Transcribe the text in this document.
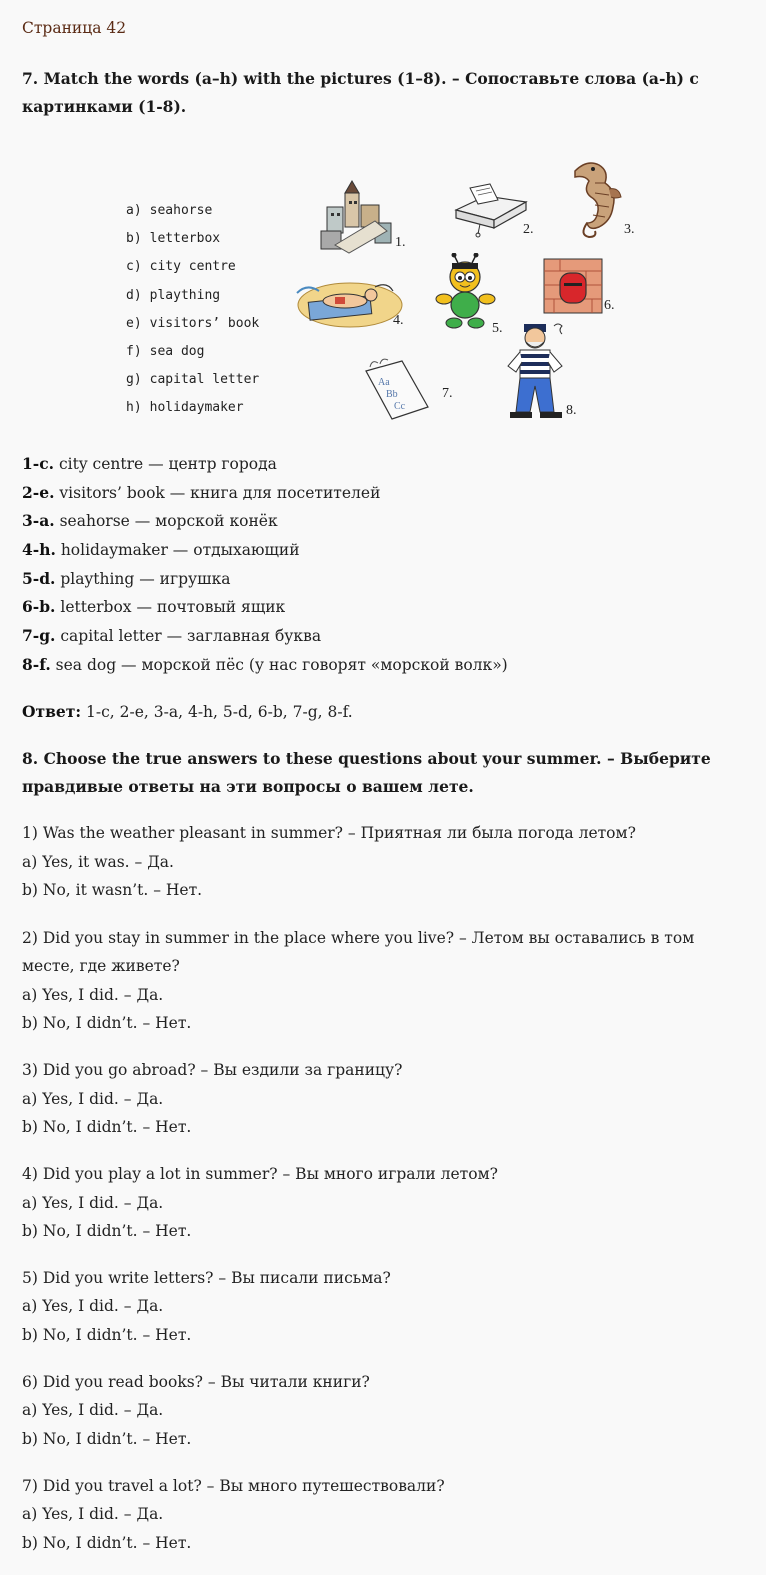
Страница 42
7. Match the words (a–h) with the pictures (1–8). – Сопоставьте слова (a-h) с картинками (1-8).
a) seahorse
b) letterbox
c) city centre
d) plaything
e) visitors’ book
f) sea dog
g) capital letter
h) holidaymaker
1.
2.	3.
4.
5.
6.
Aa
Bb
Cc
7.
8.
1-c. city centre — центр города
2-e. visitors’ book — книга для посетителей
3-a. seahorse — морской конёк
4-h. holidaymaker — отдыхающий
5-d. plaything — игрушка
6-b. letterbox — почтовый ящик
7-g. capital letter — заглавная буква
8-f. sea dog — морской пёс (у нас говорят «морской волк»)
Ответ: 1-c, 2-e, 3-a, 4-h, 5-d, 6-b, 7-g, 8-f.
8. Choose the true answers to these questions about your summer. – Выберите правдивые ответы на эти вопросы о вашем лете.
1) Was the weather pleasant in summer? – Приятная ли была погода летом?
a) Yes, it was. – Да.
b) No, it wasn’t. – Нет.
2) Did you stay in summer in the place where you live? – Летом вы оставались в том
месте, где живете?
a) Yes, I did. – Да.
b) No, I didn’t. – Нет.
3) Did you go abroad? – Вы ездили за границу?
a) Yes, I did. – Да.
b) No, I didn’t. – Нет.
4) Did you play a lot in summer? – Вы много играли летом?
a) Yes, I did. – Да.
b) No, I didn’t. – Нет.
5) Did you write letters? – Вы писали письма?
a) Yes, I did. – Да.
b) No, I didn’t. – Нет.
6) Did you read books? – Вы читали книги?
a) Yes, I did. – Да.
b) No, I didn’t. – Нет.
7) Did you travel a lot? – Вы много путешествовали?
a) Yes, I did. – Да.
b) No, I didn’t. – Нет.
